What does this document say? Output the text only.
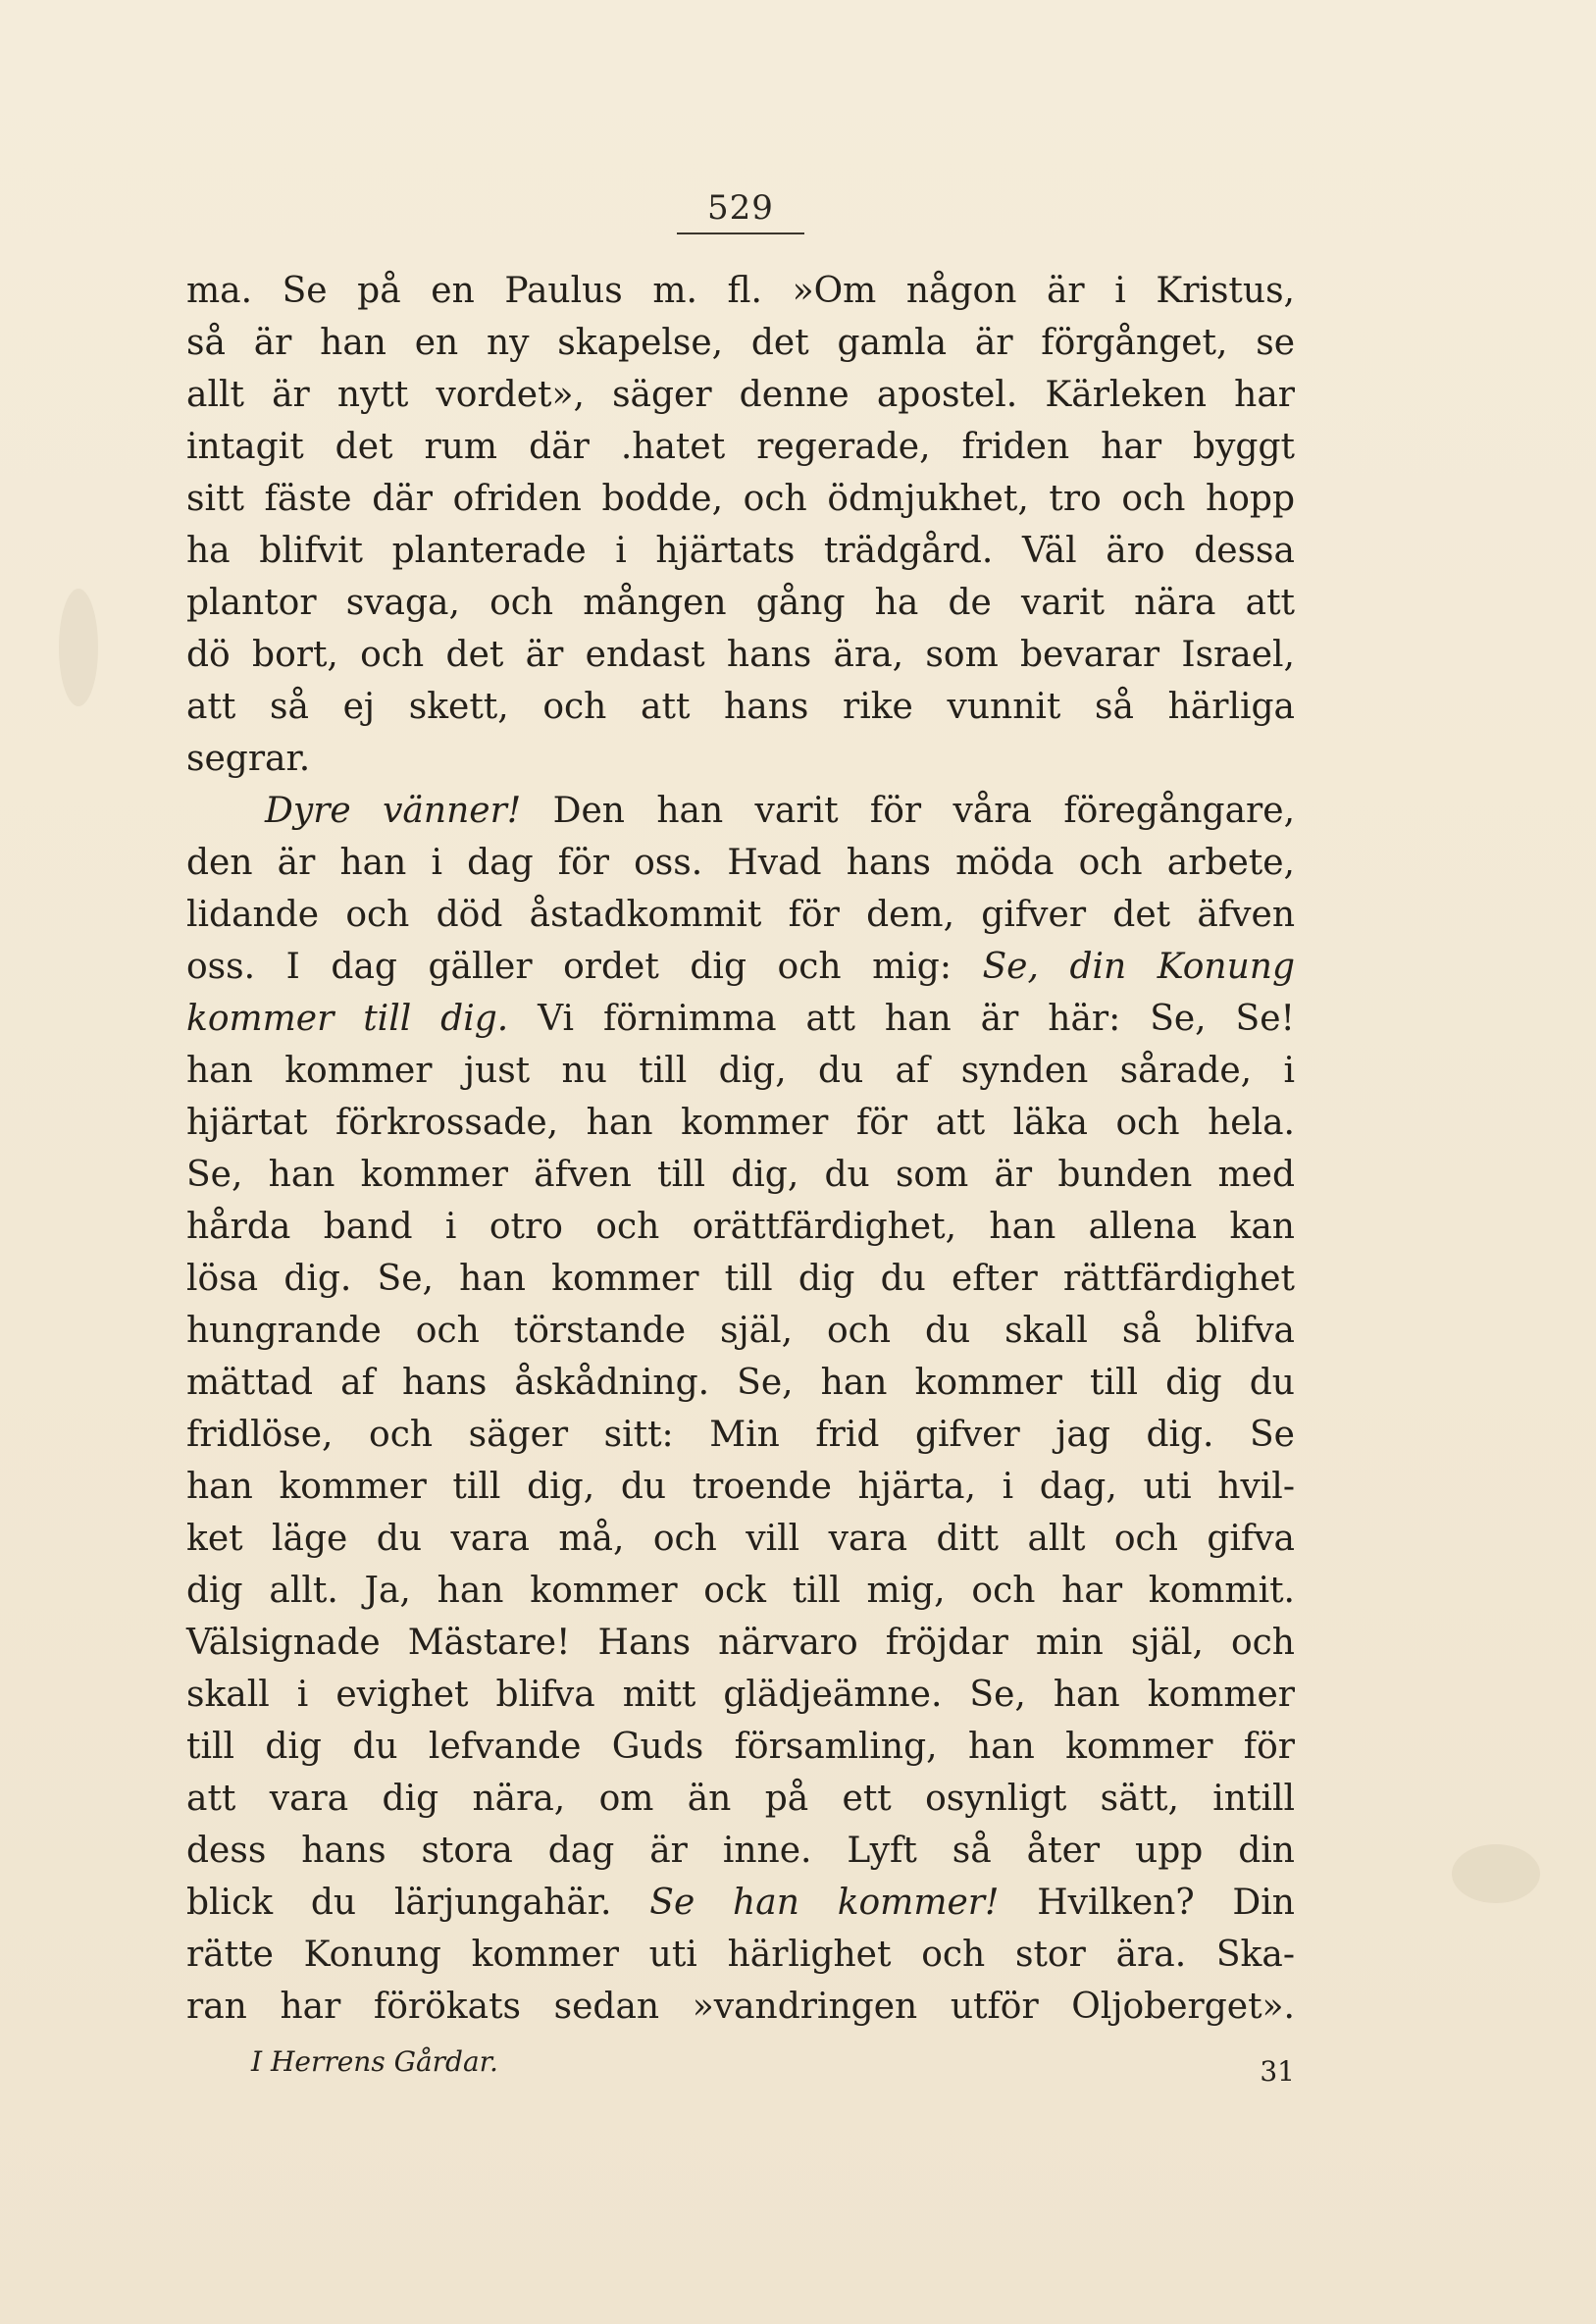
529
ma. Se på en Paulus m. fl. »Om någon är i Kristus,
så är han en ny skapelse, det gamla är förgånget, se
allt är nytt vordet», säger denne apostel. Kärleken har
intagit det rum där .hatet regerade, friden har byggt
sitt fäste där ofriden bodde, och ödmjukhet, tro och hopp
ha blifvit planterade i hjärtats trädgård. Väl äro dessa
plantor svaga, och mången gång ha de varit nära att
dö bort, och det är endast hans ära, som bevarar Israel,
att så ej skett, och att hans rike vunnit så härliga
segrar.
Dyre vänner! Den han varit för våra föregångare,
den är han i dag för oss. Hvad hans möda och arbete,
lidande och död åstadkommit för dem, gifver det äfven
oss. I dag gäller ordet dig och mig: Se, din Konung
kommer till dig. Vi förnimma att han är här: Se, Se!
han kommer just nu till dig, du af synden sårade, i
hjärtat förkrossade, han kommer för att läka och hela.
Se, han kommer äfven till dig, du som är bunden med
hårda band i otro och orättfärdighet, han allena kan
lösa dig. Se, han kommer till dig du efter rättfärdighet
hungrande och törstande själ, och du skall så blifva
mättad af hans åskådning. Se, han kommer till dig du
fridlöse, och säger sitt: Min frid gifver jag dig. Se
han kommer till dig, du troende hjärta, i dag, uti hvil-
ket läge du vara må, och vill vara ditt allt och gifva
dig allt. Ja, han kommer ock till mig, och har kommit.
Välsignade Mästare! Hans närvaro fröjdar min själ, och
skall i evighet blifva mitt glädjeämne. Se, han kommer
till dig du lefvande Guds församling, han kommer för
att vara dig nära, om än på ett osynligt sätt, intill
dess hans stora dag är inne. Lyft så åter upp din
blick du lärjungahär. Se han kommer! Hvilken? Din
rätte Konung kommer uti härlighet och stor ära. Ska-
ran har förökats sedan »vandringen utför Oljoberget».
I Herrens Gårdar.	31
